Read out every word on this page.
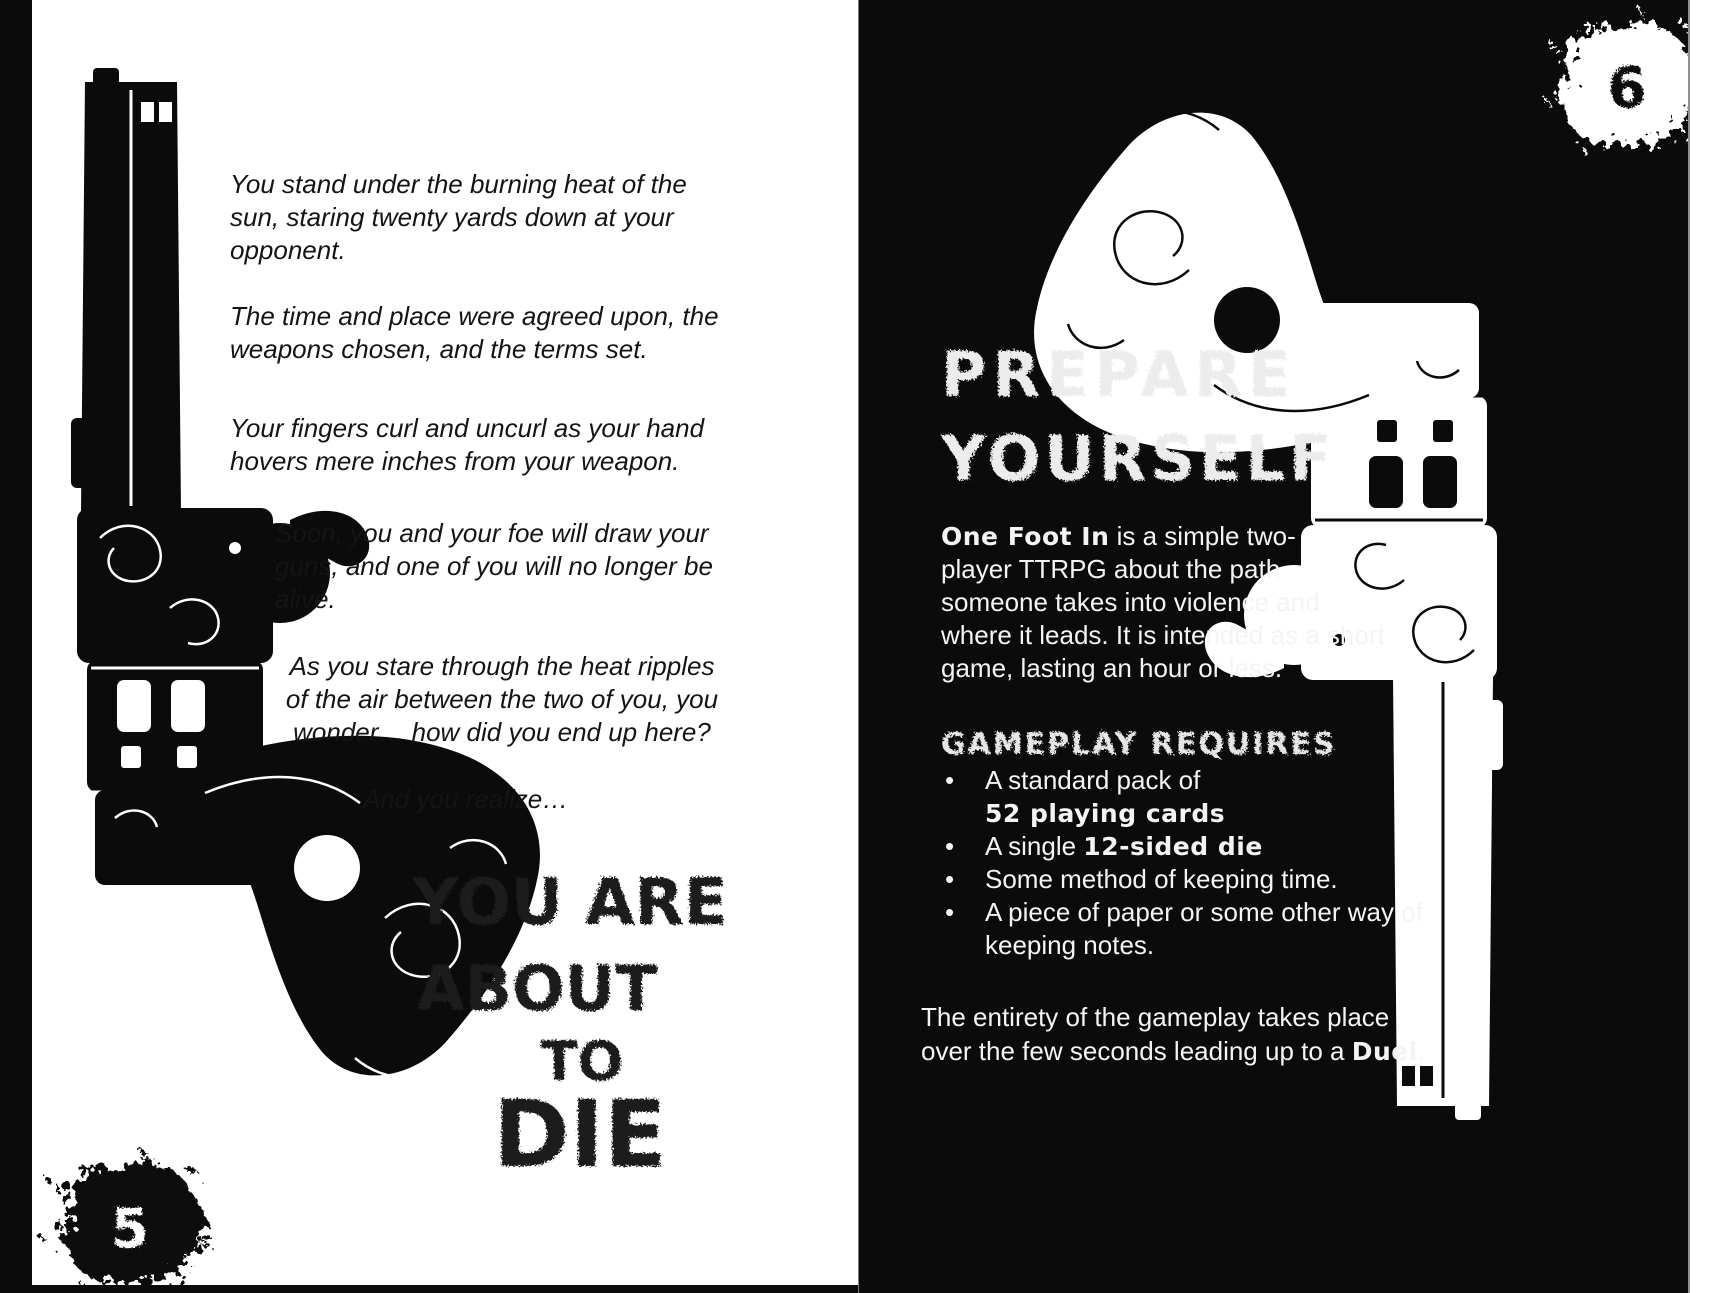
You stand under the burning heat of the
sun, staring twenty yards down at your
opponent.
The time and place were agreed upon, the
weapons chosen, and the terms set.
Your fingers curl and uncurl as your hand
hovers mere inches from your weapon.
Soon, you and your foe will draw your
guns, and one of you will no longer be
alive.
As you stare through the heat ripples
of the air between the two of you, you
wonder… how did you end up here?
And you realize…
YOU ARE
ABOUT
TO
DIE
5
6
PREPARE
YOURSELF
One Foot In is a simple two-
player TTRPG about the path
someone takes into violence and
where it leads. It is intended as a short
game, lasting an hour or less.
GAMEPLAY REQUIRES
•	A standard pack of
52 playing cards
•	A single 12-sided die
•	Some method of keeping time.
•	A piece of paper or some other way of
keeping notes.
The entirety of the gameplay takes place
over the few seconds leading up to a Duel.
